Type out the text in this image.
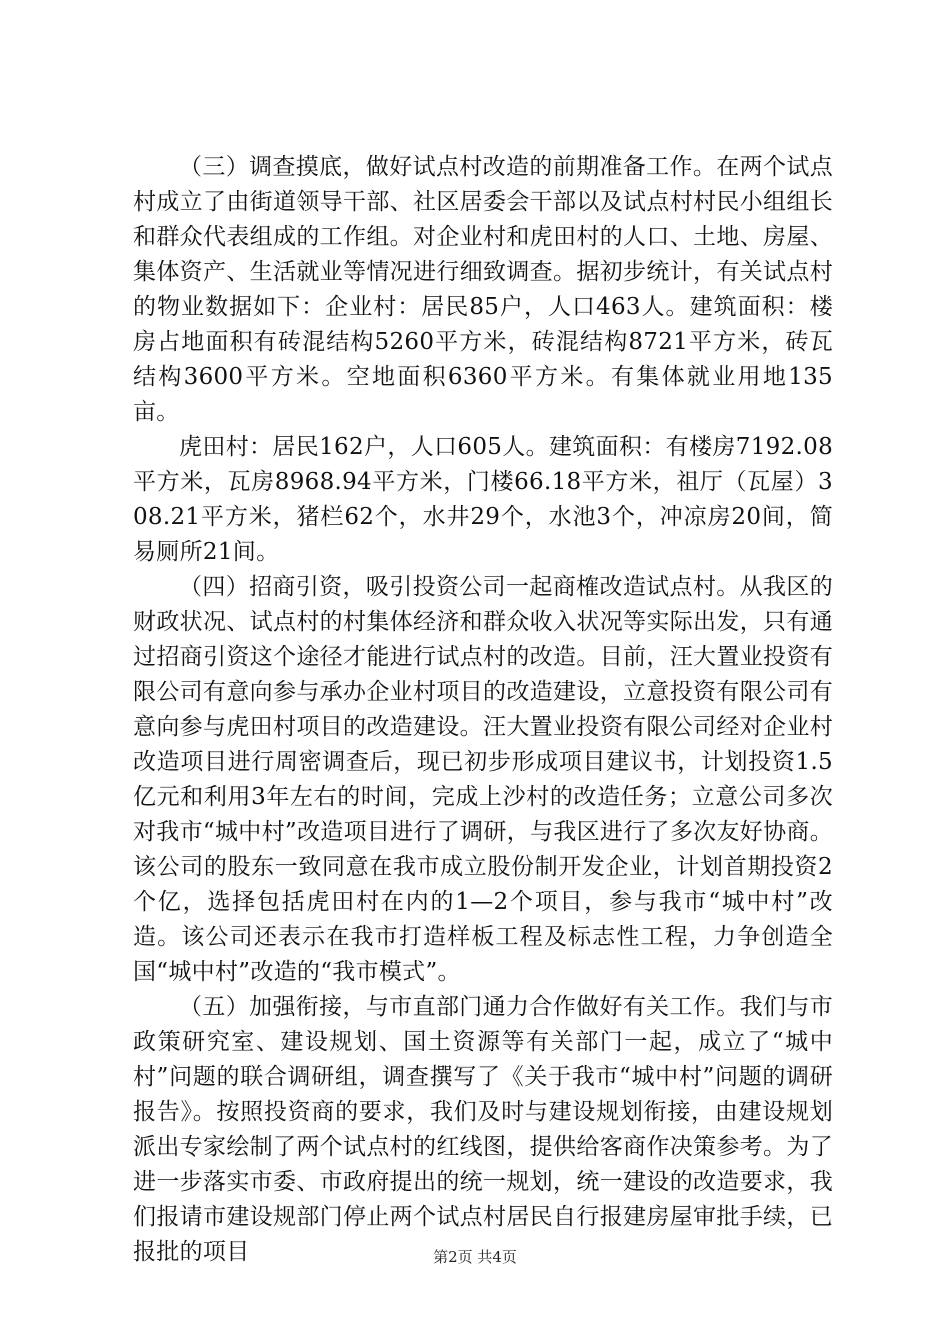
（三）调查摸底，做好试点村改造的前期准备工作。在两个试点村成立了由街道领导干部、社区居委会干部以及试点村村民小组组长和群众代表组成的工作组。对企业村和虎田村的人口、土地、房屋、集体资产、生活就业等情况进行细致调查。据初步统计，有关试点村的物业数据如下：企业村：居民85户，人口463人。建筑面积：楼房占地面积有砖混结构5260平方米，砖混结构8721平方米，砖瓦结构3600平方米。空地面积6360平方米。有集体就业用地135亩。

虎田村：居民162户，人口605人。建筑面积：有楼房7192.08平方米，瓦房8968.94平方米，门楼66.18平方米，祖厅（瓦屋）308.21平方米，猪栏62个，水井29个，水池3个，冲凉房20间，简易厕所21间。

（四）招商引资，吸引投资公司一起商榷改造试点村。从我区的财政状况、试点村的村集体经济和群众收入状况等实际出发，只有通过招商引资这个途径才能进行试点村的改造。目前，汪大置业投资有限公司有意向参与承办企业村项目的改造建设，立意投资有限公司有意向参与虎田村项目的改造建设。汪大置业投资有限公司经对企业村改造项目进行周密调查后，现已初步形成项目建议书，计划投资1.5亿元和利用3年左右的时间，完成上沙村的改造任务；立意公司多次对我市“城中村”改造项目进行了调研，与我区进行了多次友好协商。该公司的股东一致同意在我市成立股份制开发企业，计划首期投资2个亿，选择包括虎田村在内的1—2个项目，参与我市“城中村”改造。该公司还表示在我市打造样板工程及标志性工程，力争创造全国“城中村”改造的“我市模式”。

（五）加强衔接，与市直部门通力合作做好有关工作。我们与市政策研究室、建设规划、国土资源等有关部门一起，成立了“城中村”问题的联合调研组，调查撰写了《关于我市“城中村”问题的调研报告》。按照投资商的要求，我们及时与建设规划衔接，由建设规划派出专家绘制了两个试点村的红线图，提供给客商作决策参考。为了进一步落实市委、市政府提出的统一规划，统一建设的改造要求，我们报请市建设规部门停止两个试点村居民自行报建房屋审批手续，已报批的项目	第2页 共4页
